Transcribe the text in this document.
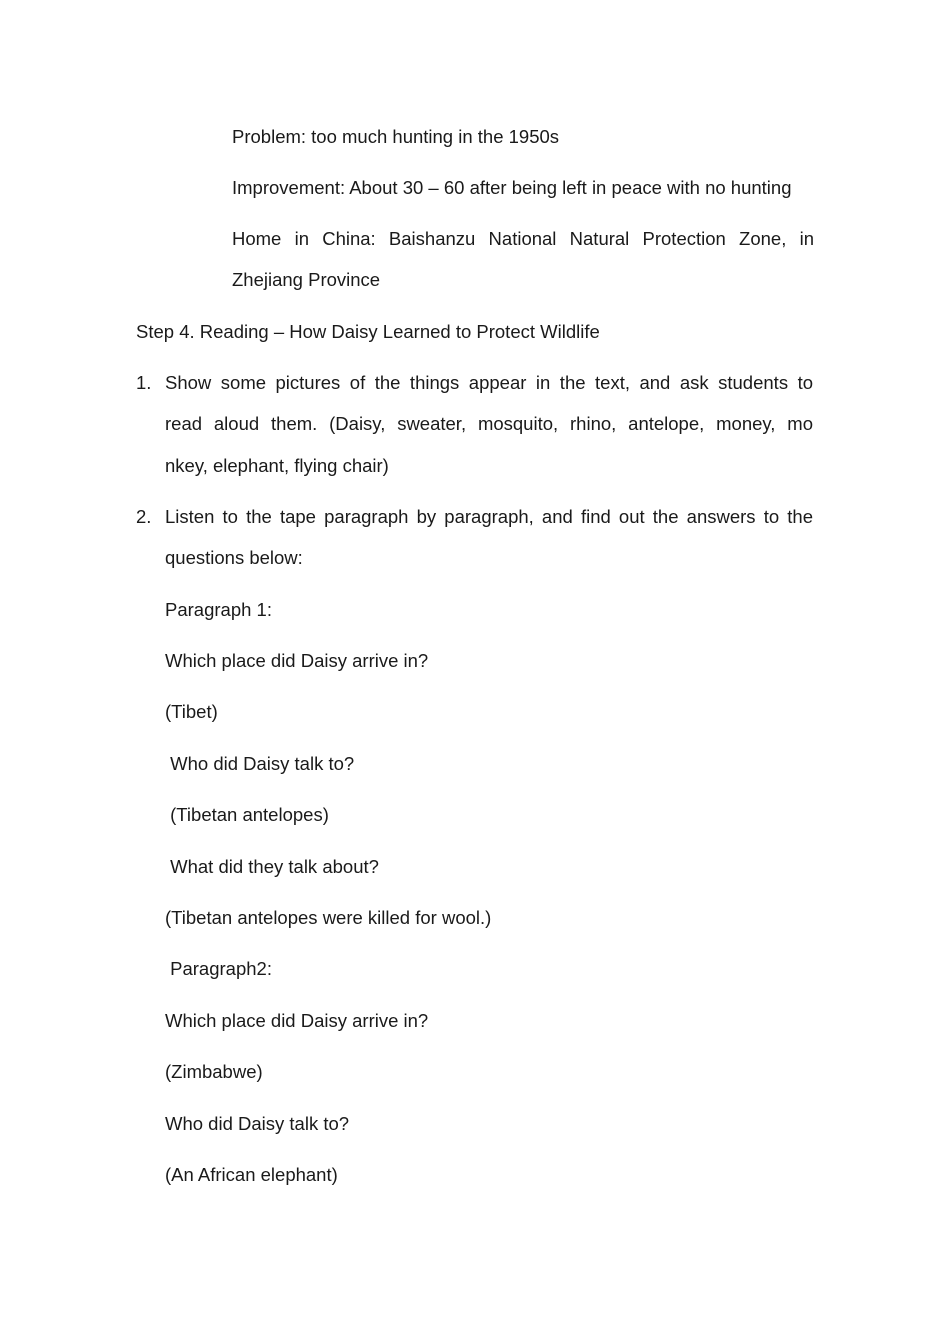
Problem: too much hunting in the 1950s
Improvement: About 30 – 60 after being left in peace with no hunting
Home in China: Baishanzu National Natural Protection Zone, in
Zhejiang Province
Step 4. Reading – How Daisy Learned to Protect Wildlife
1. Show some pictures of the things appear in the text, and ask students to
read aloud them. (Daisy, sweater, mosquito, rhino, antelope, money, mo
nkey, elephant, flying chair)
2. Listen to the tape paragraph by paragraph, and find out the answers to the
questions below:
Paragraph 1:
Which place did Daisy arrive in?
(Tibet)
Who did Daisy talk to?
(Tibetan antelopes)
What did they talk about?
(Tibetan antelopes were killed for wool.)
Paragraph2:
Which place did Daisy arrive in?
(Zimbabwe)
Who did Daisy talk to?
(An African elephant)
